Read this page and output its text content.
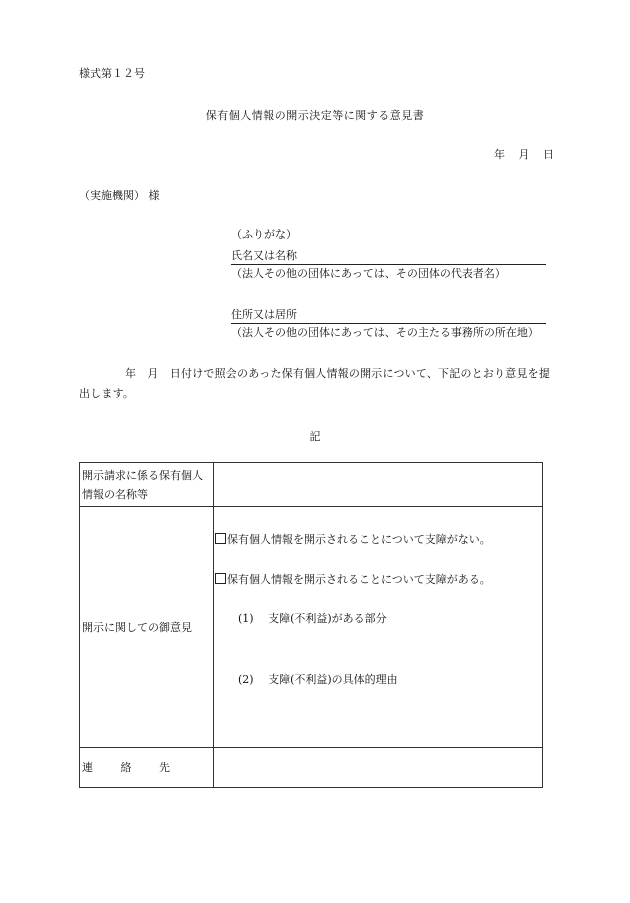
様式第１２号
保有個人情報の開示決定等に関する意見書
年 月 日
（実施機関） 様
（ふりがな）
氏名又は名称
（法人その他の団体にあっては、その団体の代表者名）
住所又は居所
（法人その他の団体にあっては、その主たる事務所の所在地）
年　月　日付けで照会のあった保有個人情報の開示について、下記のとおり意見を提出します。
記
開示請求に係る保有個人情報の名称等	
開示に関しての御意見	保有個人情報を開示されることについて支障がない。
保有個人情報を開示されることについて支障がある。
(1)　 支障(不利益)がある部分
(2)　 支障(不利益)の具体的理由

連 絡 先	
